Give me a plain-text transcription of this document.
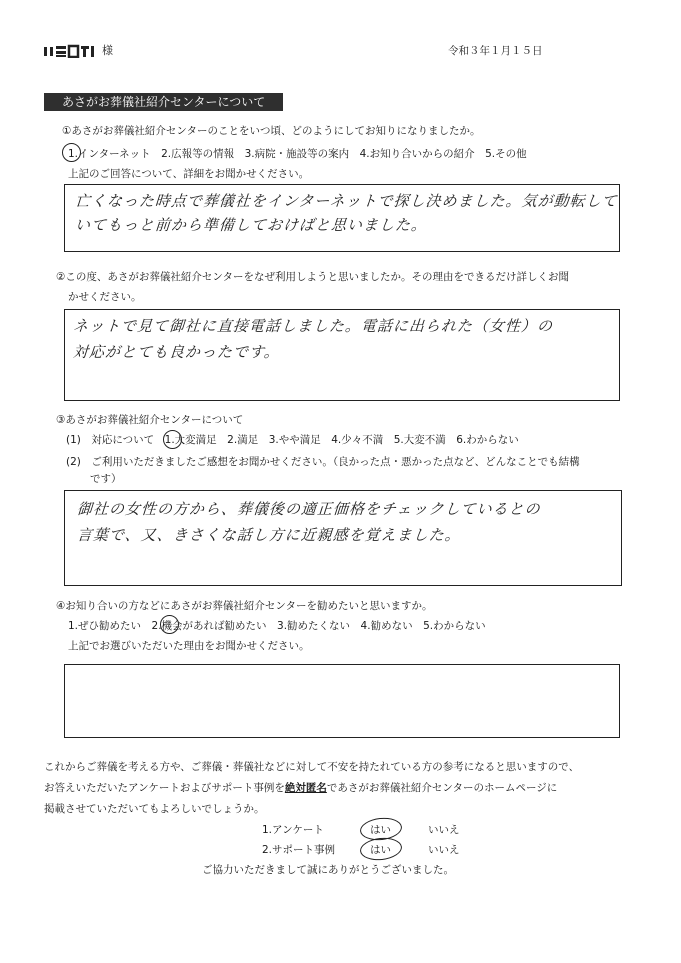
様	令和３年１月１５日
あさがお葬儀社紹介センターについて
①あさがお葬儀社紹介センターのことをいつ頃、どのようにしてお知りになりましたか。
1.インターネット　2.広報等の情報　3.病院・施設等の案内　4.お知り合いからの紹介　5.その他
上記のご回答について、詳細をお聞かせください。
亡くなった時点で葬儀社をインターネットで探し決めました。気が動転して
いてもっと前から準備しておけばと思いました。
②この度、あさがお葬儀社紹介センターをなぜ利用しようと思いましたか。その理由をできるだけ詳しくお聞
かせください。
ネットで見て御社に直接電話しました。電話に出られた（女性）の
対応がとても良かったです。
③あさがお葬儀社紹介センターについて
(1)　対応について　1.大変満足　2.満足　3.やや満足　4.少々不満　5.大変不満　6.わからない
(2)　ご利用いただきましたご感想をお聞かせください。（良かった点・悪かった点など、どんなことでも結構
です）
御社の女性の方から、葬儀後の適正価格をチェックしているとの
言葉で、又、きさくな話し方に近親感を覚えました。
④お知り合いの方などにあさがお葬儀社紹介センターを勧めたいと思いますか。
1.ぜひ勧めたい　2.機会があれば勧めたい　3.勧めたくない　4.勧めない　5.わからない
上記でお選びいただいた理由をお聞かせください。
これからご葬儀を考える方や、ご葬儀・葬儀社などに対して不安を持たれている方の参考になると思いますので、
お答えいただいたアンケートおよびサポート事例を絶対匿名であさがお葬儀社紹介センターのホームページに
掲載させていただいてもよろしいでしょうか。
1.アンケート	はい	いいえ
2.サポート事例	はい	いいえ
ご協力いただきまして誠にありがとうございました。
